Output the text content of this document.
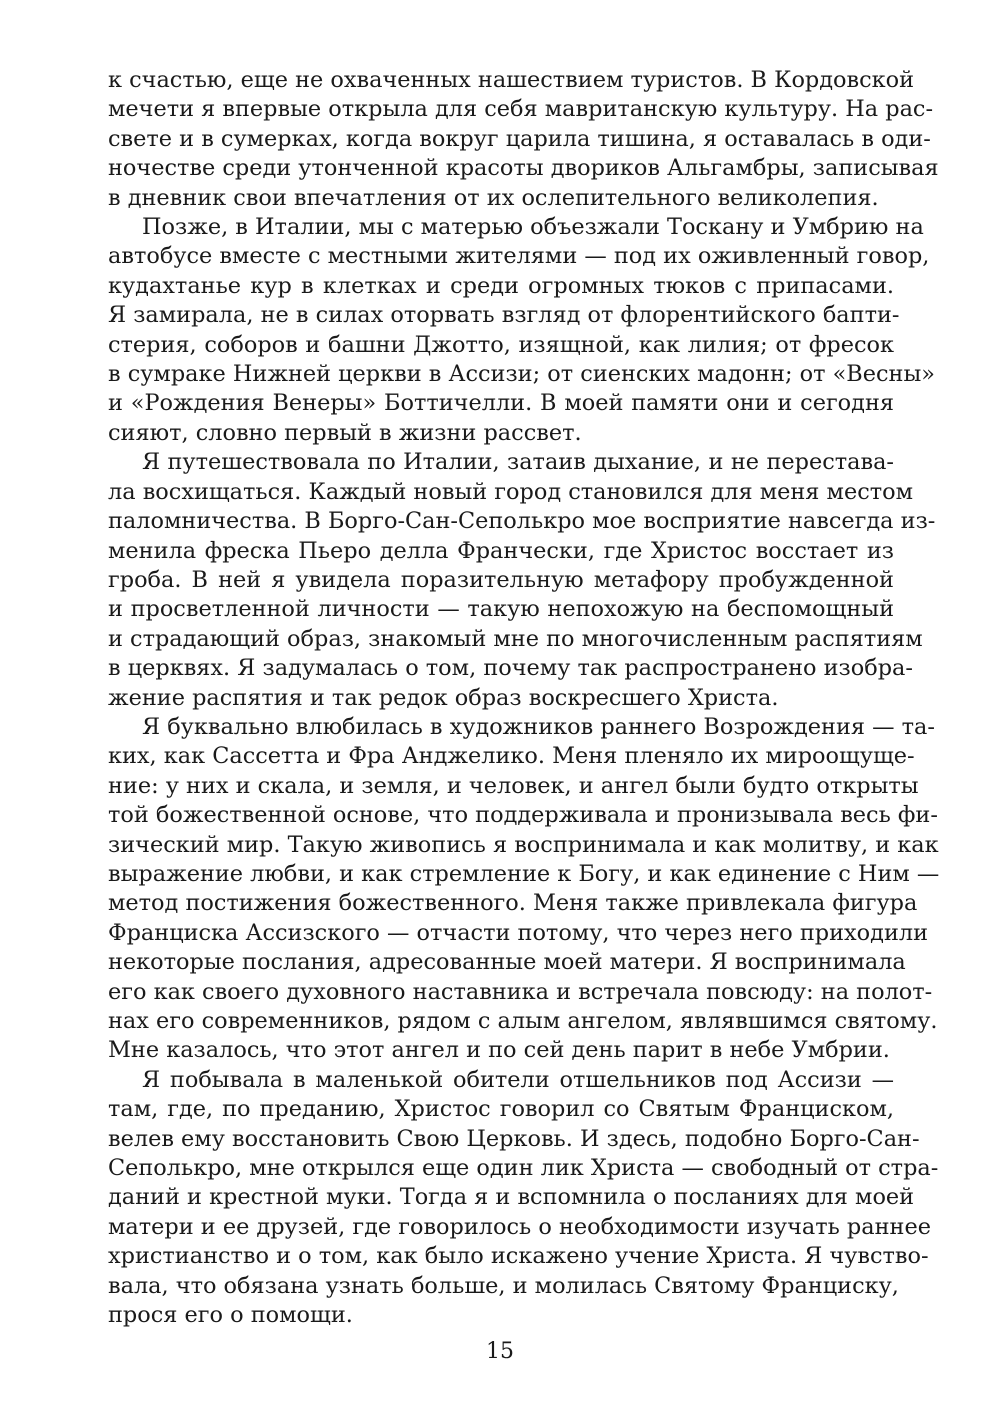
к счастью, еще не охваченных нашествием туристов. В Кордовской
мечети я впервые открыла для себя мавританскую культуру. На рас-
свете и в сумерках, когда вокруг царила тишина, я оставалась в оди-
ночестве среди утонченной красоты двориков Альгамбры, записывая
в дневник свои впечатления от их ослепительного великолепия.

Позже, в Италии, мы с матерью объезжали Тоскану и Умбрию на
автобусе вместе с местными жителями — под их оживленный говор,
кудахтанье кур в клетках и среди огромных тюков с припасами.
Я замирала, не в силах оторвать взгляд от флорентийского бапти-
стерия, соборов и башни Джотто, изящной, как лилия; от фресок
в сумраке Нижней церкви в Ассизи; от сиенских мадонн; от «Весны»
и «Рождения Венеры» Боттичелли. В моей памяти они и сегодня
сияют, словно первый в жизни рассвет.

Я путешествовала по Италии, затаив дыхание, и не переставa-
ла восхищаться. Каждый новый город становился для меня местом
паломничества. В Борго-Сан-Сеполькро мое восприятие навсегда из-
менила фреска Пьеро делла Франчески, где Христос восстает из
гроба. В ней я увидела поразительную метафору пробужденной
и просветленной личности — такую непохожую на беспомощный
и страдающий образ, знакомый мне по многочисленным распятиям
в церквях. Я задумалась о том, почему так распространено изобра-
жение распятия и так редок образ воскресшего Христа.

Я буквально влюбилась в художников раннего Возрождения — та-
ких, как Сассетта и Фра Анджелико. Меня пленяло их мироощуще-
ние: у них и скала, и земля, и человек, и ангел были будто открыты
той божественной основе, что поддерживала и пронизывала весь фи-
зический мир. Такую живопись я воспринимала и как молитву, и как
выражение любви, и как стремление к Богу, и как единение с Ним —
метод постижения божественного. Меня также привлекала фигура
Франциска Ассизского — отчасти потому, что через него приходили
некоторые послания, адресованные моей матери. Я воспринимала
его как своего духовного наставника и встречала повсюду: на полот-
нах его современников, рядом с алым ангелом, являвшимся святому.
Мне казалось, что этот ангел и по сей день парит в небе Умбрии.

Я побывала в маленькой обители отшельников под Ассизи —
там, где, по преданию, Христос говорил со Святым Франциском,
велев ему восстановить Свою Церковь. И здесь, подобно Борго-Сан-
Сеполькро, мне открылся еще один лик Христа — свободный от стра-
даний и крестной муки. Тогда я и вспомнила о посланиях для моей
матери и ее друзей, где говорилось о необходимости изучать раннее
христианство и о том, как было искажено учение Христа. Я чувство-
вала, что обязана узнать больше, и молилась Святому Франциску,
прося его о помощи.

15
